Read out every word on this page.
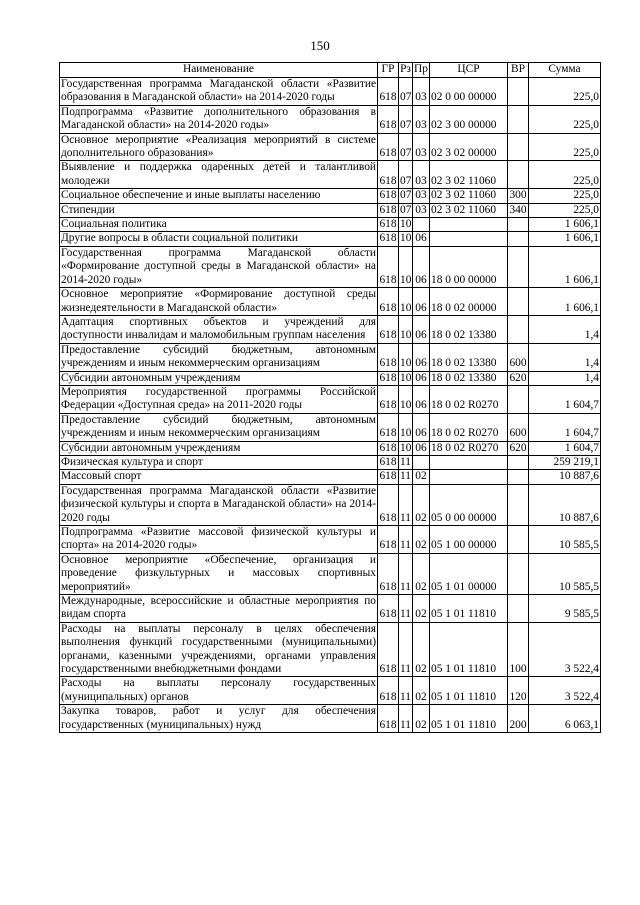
150
Наименование	ГР	Рз	Пр	ЦСР	ВР	Сумма
Государственная программа Магаданской области «Развитие образования в Магаданской области» на 2014-2020 годы	618	07	03	02 0 00 00000		225,0
Подпрограмма «Развитие дополнительного образования в Магаданской области» на 2014-2020 годы»	618	07	03	02 3 00 00000		225,0
Основное мероприятие «Реализация мероприятий в системе дополнительного образования»	618	07	03	02 3 02 00000		225,0
Выявление и поддержка одаренных детей и талантливой молодежи	618	07	03	02 3 02 11060		225,0
Социальное обеспечение и иные выплаты населению	618	07	03	02 3 02 11060	300	225,0
Стипендии	618	07	03	02 3 02 11060	340	225,0
Социальная политика	618	10				1 606,1
Другие вопросы в области социальной политики	618	10	06			1 606,1
Государственная программа Магаданской области «Формирование доступной среды в Магаданской области» на 2014-2020 годы»	618	10	06	18 0 00 00000		1 606,1
Основное мероприятие «Формирование доступной среды жизнедеятельности в Магаданской области»	618	10	06	18 0 02 00000		1 606,1
Адаптация спортивных объектов и учреждений для доступности инвалидам и маломобильным группам населения	618	10	06	18 0 02 13380		1,4
Предоставление субсидий бюджетным, автономным учреждениям и иным некоммерческим организациям	618	10	06	18 0 02 13380	600	1,4
Субсидии автономным учреждениям	618	10	06	18 0 02 13380	620	1,4
Мероприятия государственной программы Российской Федерации «Доступная среда» на 2011-2020 годы	618	10	06	18 0 02 R0270		1 604,7
Предоставление субсидий бюджетным, автономным учреждениям и иным некоммерческим организациям	618	10	06	18 0 02 R0270	600	1 604,7
Субсидии автономным учреждениям	618	10	06	18 0 02 R0270	620	1 604,7
Физическая культура и спорт	618	11				259 219,1
Массовый спорт	618	11	02			10 887,6
Государственная программа Магаданской области «Развитие физической культуры и спорта в Магаданской области» на 2014-2020 годы	618	11	02	05 0 00 00000		10 887,6
Подпрограмма «Развитие массовой физической культуры и спорта» на 2014-2020 годы»	618	11	02	05 1 00 00000		10 585,5
Основное мероприятие «Обеспечение, организация и проведение физкультурных и массовых спортивных мероприятий»	618	11	02	05 1 01 00000		10 585,5
Международные, всероссийские и областные мероприятия по видам спорта	618	11	02	05 1 01 11810		9 585,5
Расходы на выплаты персоналу в целях обеспечения выполнения функций государственными (муниципальными) органами, казенными учреждениями, органами управления государственными внебюджетными фондами	618	11	02	05 1 01 11810	100	3 522,4
Расходы на выплаты персоналу государственных (муниципальных) органов	618	11	02	05 1 01 11810	120	3 522,4
Закупка товаров, работ и услуг для обеспечения государственных (муниципальных) нужд	618	11	02	05 1 01 11810	200	6 063,1
